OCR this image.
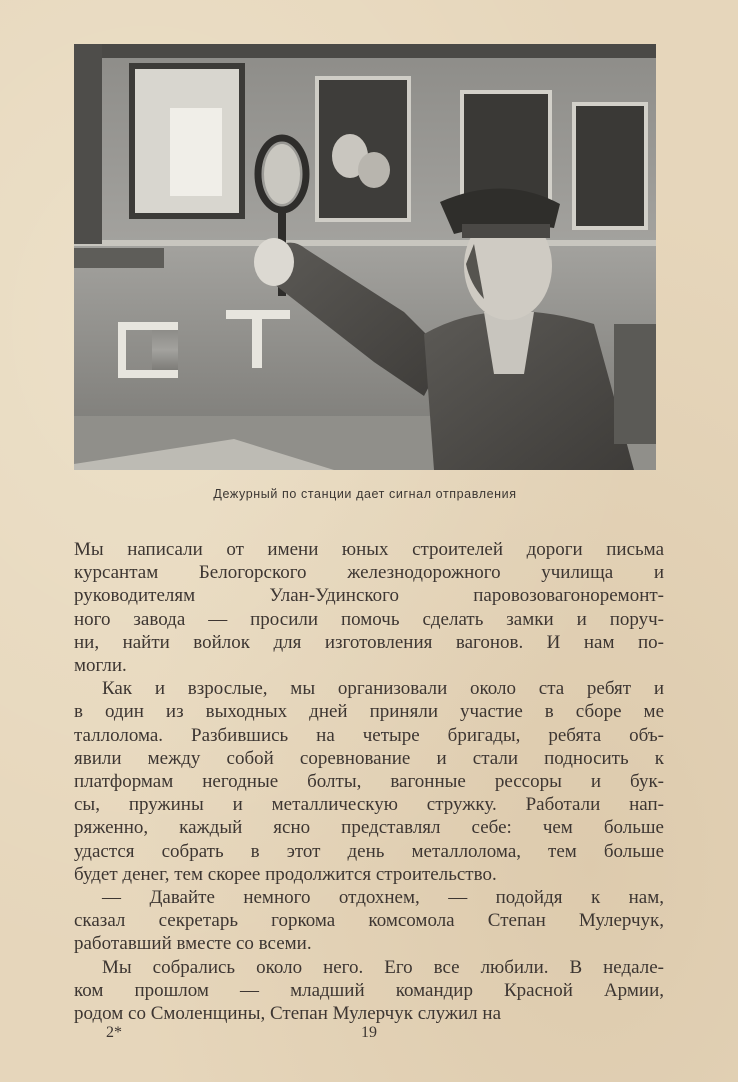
Дежурный по станции дает сигнал отправления

Мы написали от имени юных строителей дороги письма
курсантам Белогорского железнодорожного училища и
руководителям Улан-Удинского паровозовагоноремонт-
ного завода — просили помочь сделать замки и поруч-
ни, найти войлок для изготовления вагонов. И нам по-
могли.

Как и взрослые, мы организовали около ста ребят и
в один из выходных дней приняли участие в сборе ме
таллолома. Разбившись на четыре бригады, ребята объ-
явили между собой соревнование и стали подносить к
платформам негодные болты, вагонные рессоры и бук-
сы, пружины и металлическую стружку. Работали нап-
ряженно, каждый ясно представлял себе: чем больше
удастся собрать в этот день металлолома, тем больше
будет денег, тем скорее продолжится строительство.

— Давайте немного отдохнем, — подойдя к нам,
сказал секретарь горкома комсомола Степан Мулерчук,
работавший вместе со всеми.

Мы собрались около него. Его все любили. В недале-
ком прошлом — младший командир Красной Армии,
родом со Смоленщины, Степан Мулерчук служил на

2*	19
